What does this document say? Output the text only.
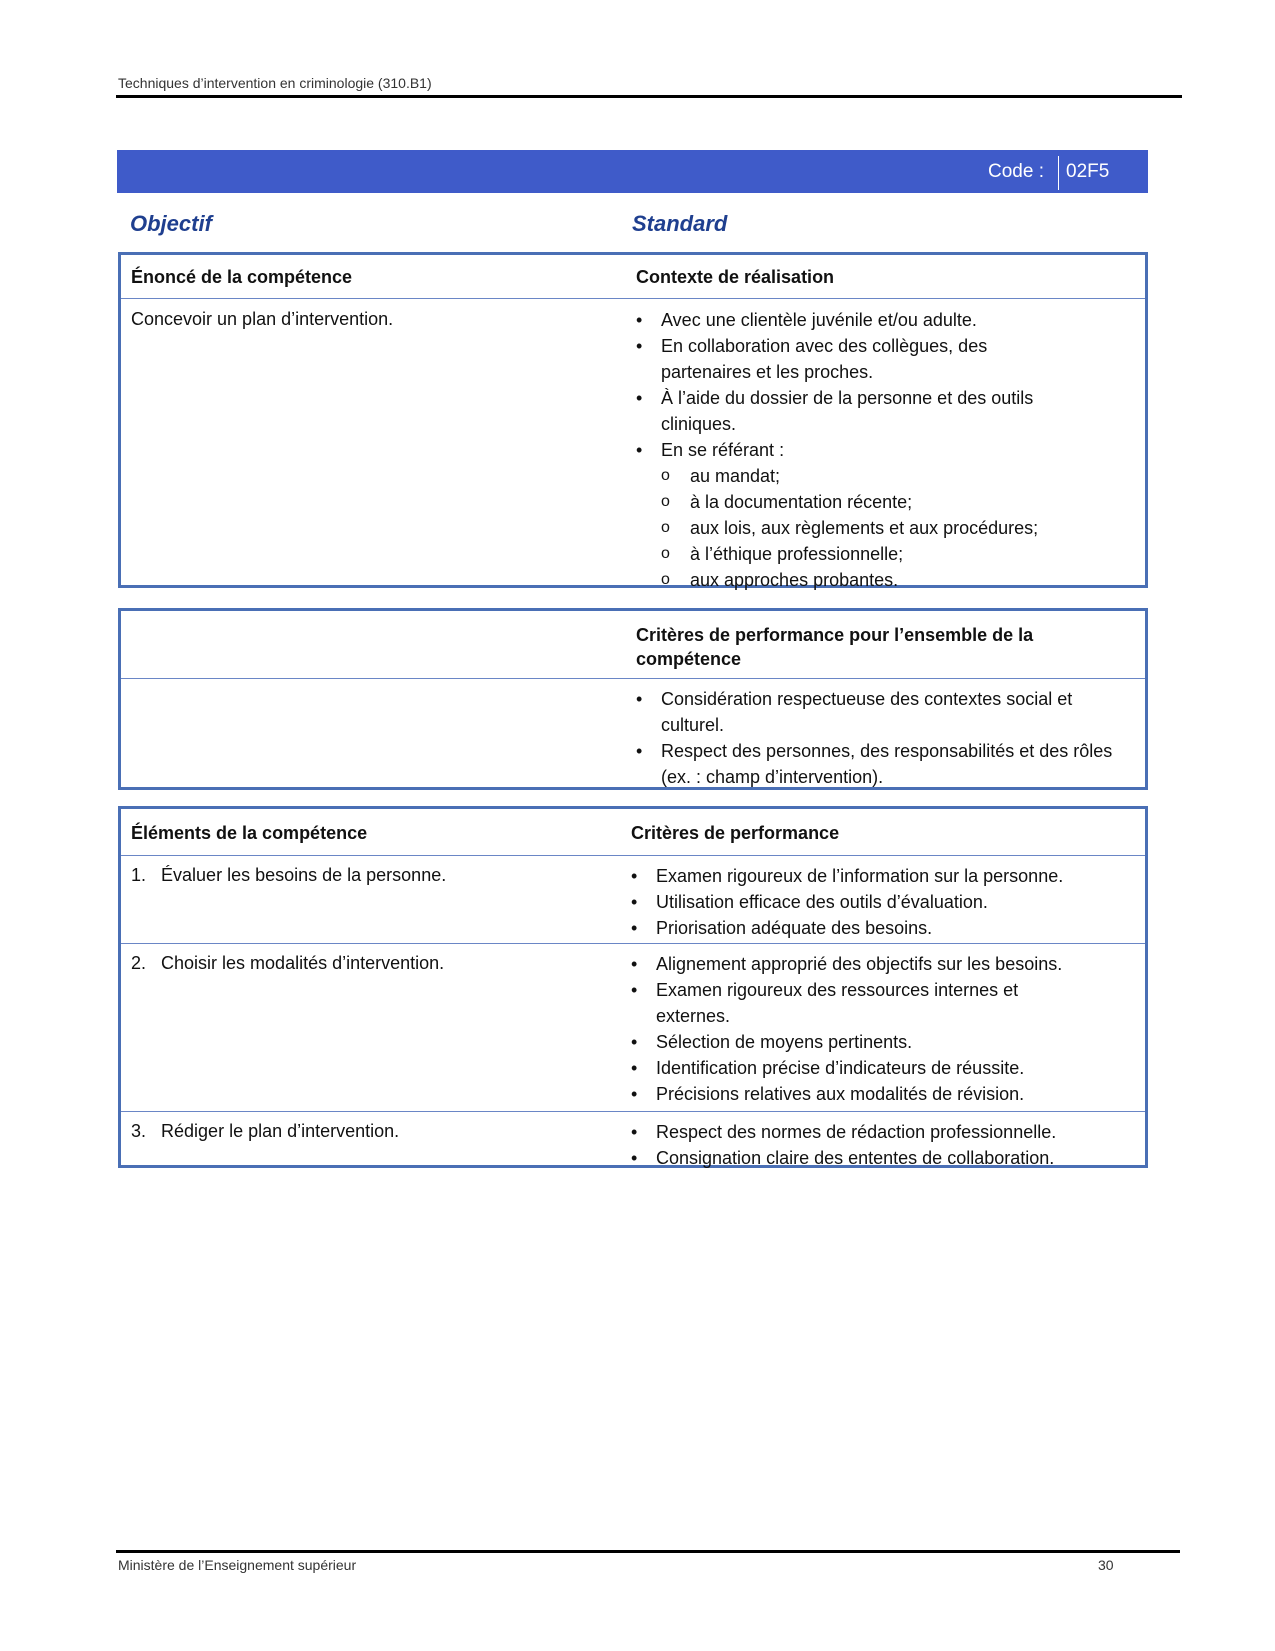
Techniques d’intervention en criminologie (310.B1)
Code : 02F5
Objectif	Standard
Énoncé de la compétence	Contexte de réalisation
Concevoir un plan d’intervention.	• Avec une clientèle juvénile et/ou adulte.
• En collaboration avec des collègues, des partenaires et les proches.
• À l’aide du dossier de la personne et des outils cliniques.
• En se référant :
o au mandat;
o à la documentation récente;
o aux lois, aux règlements et aux procédures;
o à l’éthique professionnelle;
o aux approches probantes.
Critères de performance pour l’ensemble de la compétence
• Considération respectueuse des contextes social et culturel.
• Respect des personnes, des responsabilités et des rôles (ex. : champ d’intervention).
Éléments de la compétence	Critères de performance
1. Évaluer les besoins de la personne.	• Examen rigoureux de l’information sur la personne.
• Utilisation efficace des outils d’évaluation.
• Priorisation adéquate des besoins.
2. Choisir les modalités d’intervention.	• Alignement approprié des objectifs sur les besoins.
• Examen rigoureux des ressources internes et externes.
• Sélection de moyens pertinents.
• Identification précise d’indicateurs de réussite.
• Précisions relatives aux modalités de révision.
3. Rédiger le plan d’intervention.	• Respect des normes de rédaction professionnelle.
• Consignation claire des ententes de collaboration.
Ministère de l’Enseignement supérieur	30
